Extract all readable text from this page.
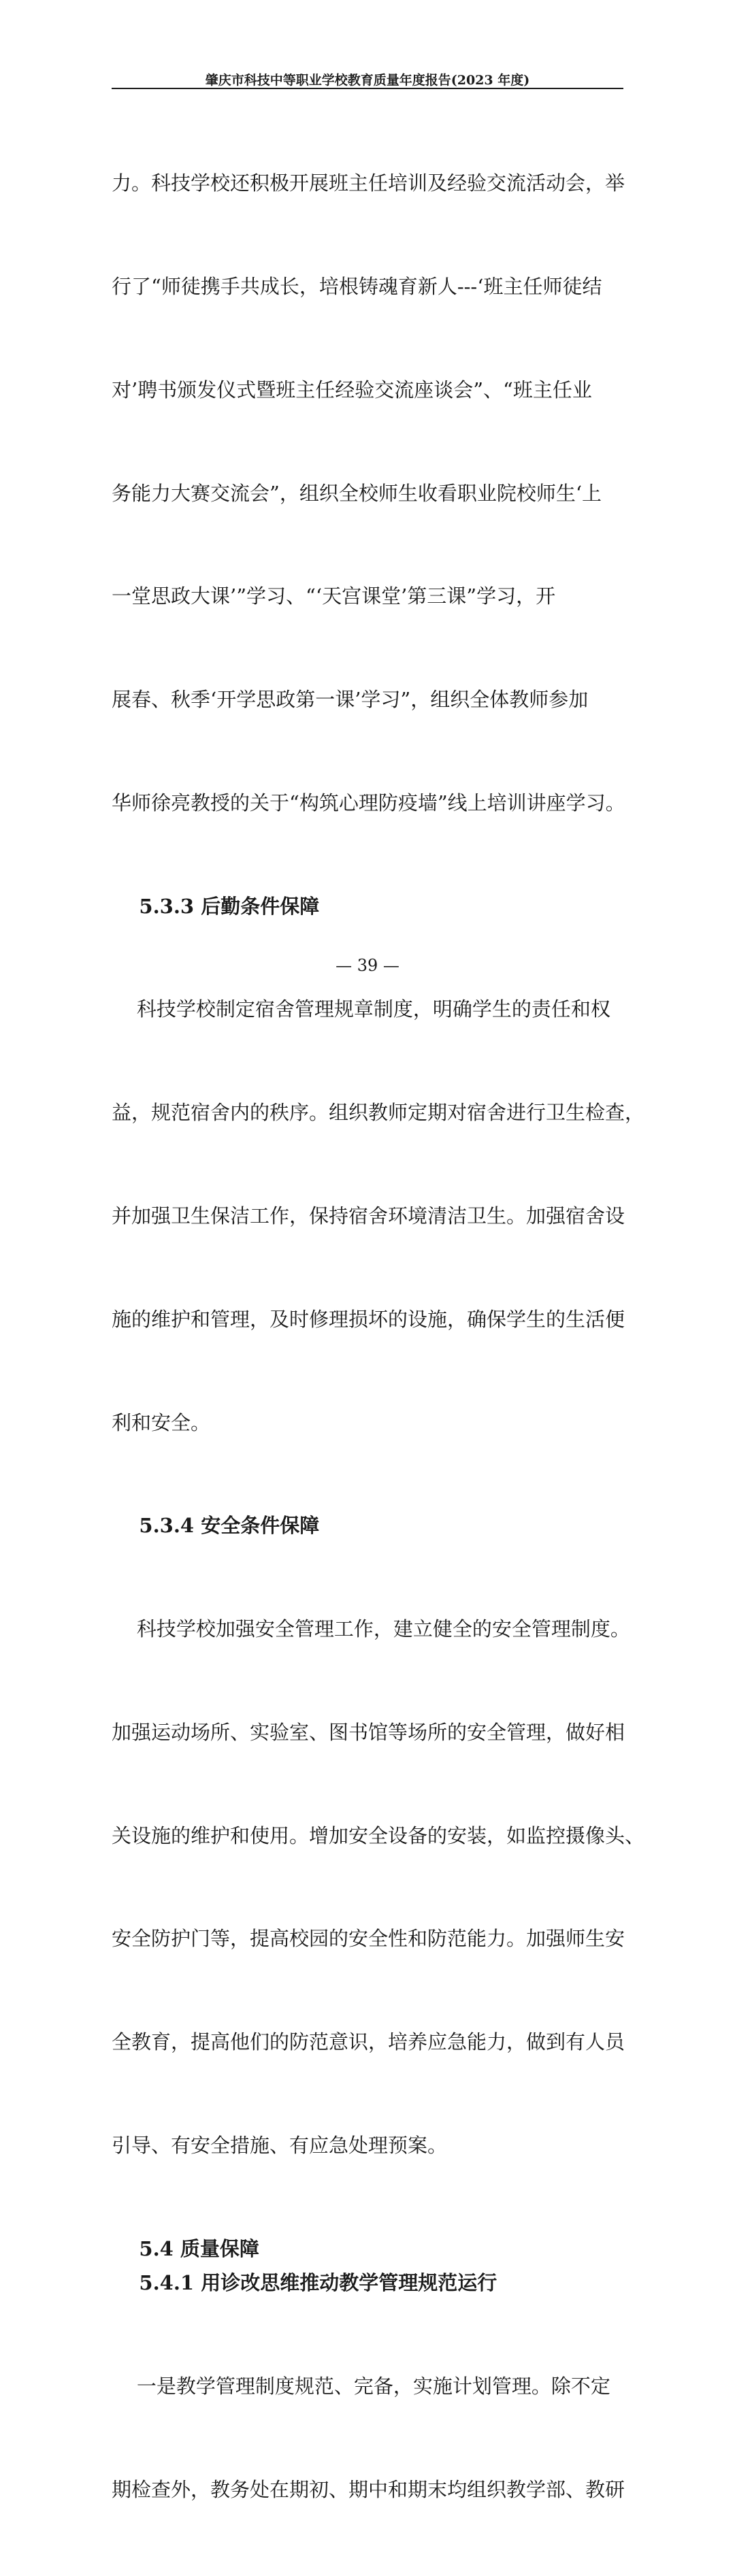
肇庆市科技中等职业学校教育质量年度报告(2023 年度)

力。科技学校还积极开展班主任培训及经验交流活动会，举

行了“师徒携手共成长，培根铸魂育新人---‘班主任师徒结

对’聘书颁发仪式暨班主任经验交流座谈会”、“班主任业

务能力大赛交流会”，组织全校师生收看职业院校师生‘上

一堂思政大课’”学习、“‘天宫课堂’第三课”学习，开

展春、秋季‘开学思政第一课’学习”，组织全体教师参加

华师徐亮教授的关于“构筑心理防疫墙”线上培训讲座学习。

5.3.3 后勤条件保障

科技学校制定宿舍管理规章制度，明确学生的责任和权

益，规范宿舍内的秩序。组织教师定期对宿舍进行卫生检查，

并加强卫生保洁工作，保持宿舍环境清洁卫生。加强宿舍设

施的维护和管理，及时修理损坏的设施，确保学生的生活便

利和安全。

5.3.4 安全条件保障

科技学校加强安全管理工作，建立健全的安全管理制度。

加强运动场所、实验室、图书馆等场所的安全管理，做好相

关设施的维护和使用。增加安全设备的安装，如监控摄像头、

安全防护门等，提高校园的安全性和防范能力。加强师生安

全教育，提高他们的防范意识，培养应急能力，做到有人员

引导、有安全措施、有应急处理预案。

5.4 质量保障
5.4.1 用诊改思维推动教学管理规范运行

一是教学管理制度规范、完备，实施计划管理。除不定

期检查外，教务处在期初、期中和期末均组织教学部、教研

— 39 —
